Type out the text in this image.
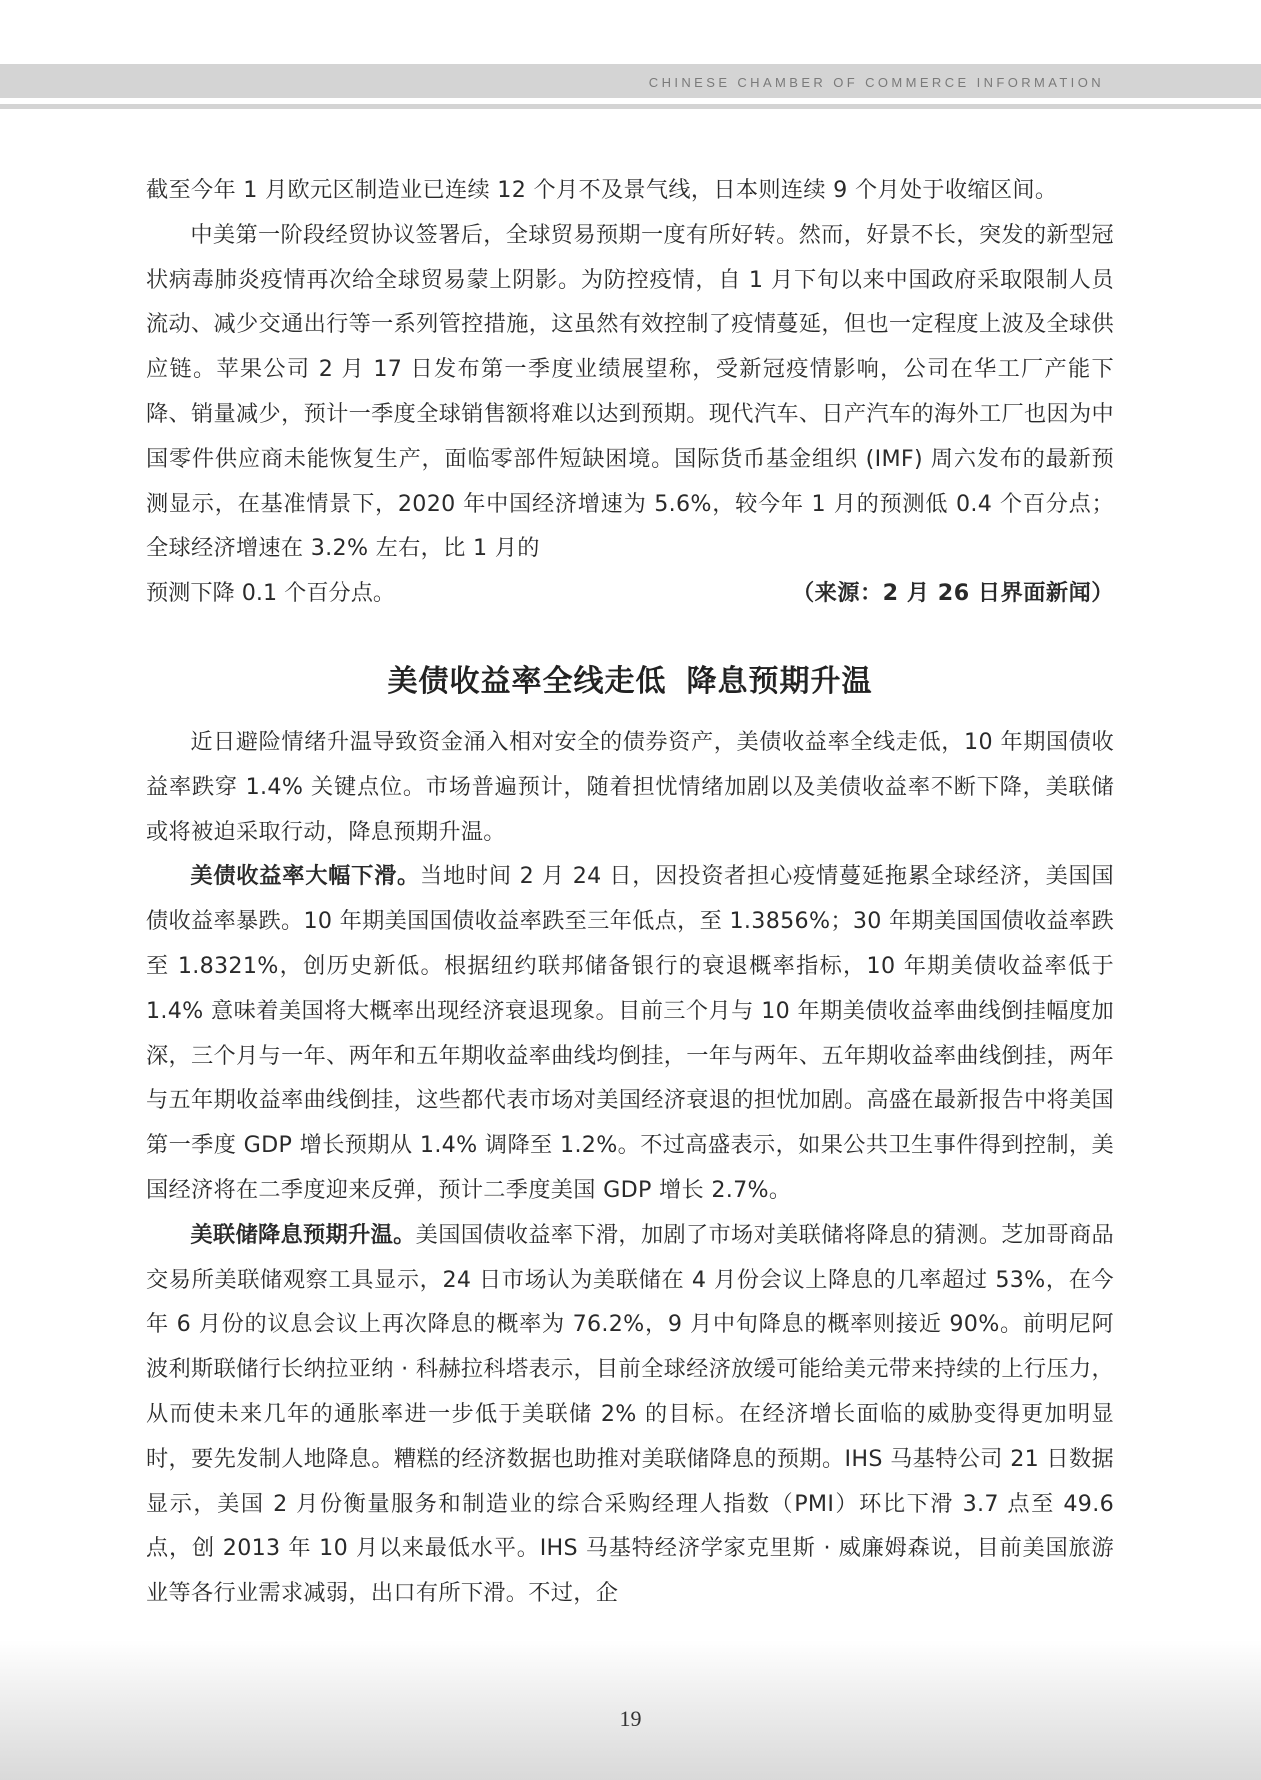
CHINESE CHAMBER OF COMMERCE INFORMATION

截至今年 1 月欧元区制造业已连续 12 个月不及景气线，日本则连续 9 个月处于收缩区间。

中美第一阶段经贸协议签署后，全球贸易预期一度有所好转。然而，好景不长，突发的新型冠状病毒肺炎疫情再次给全球贸易蒙上阴影。为防控疫情，自 1 月下旬以来中国政府采取限制人员流动、减少交通出行等一系列管控措施，这虽然有效控制了疫情蔓延，但也一定程度上波及全球供应链。苹果公司 2 月 17 日发布第一季度业绩展望称，受新冠疫情影响，公司在华工厂产能下降、销量减少，预计一季度全球销售额将难以达到预期。现代汽车、日产汽车的海外工厂也因为中国零件供应商未能恢复生产，面临零部件短缺困境。国际货币基金组织 (IMF) 周六发布的最新预测显示，在基准情景下，2020 年中国经济增速为 5.6%，较今年 1 月的预测低 0.4 个百分点；全球经济增速在 3.2% 左右，比 1 月的

预测下降 0.1 个百分点。	（来源：2 月 26 日界面新闻）
美债收益率全线走低 降息预期升温

近日避险情绪升温导致资金涌入相对安全的债券资产，美债收益率全线走低，10 年期国债收益率跌穿 1.4% 关键点位。市场普遍预计，随着担忧情绪加剧以及美债收益率不断下降，美联储或将被迫采取行动，降息预期升温。

美债收益率大幅下滑。当地时间 2 月 24 日，因投资者担心疫情蔓延拖累全球经济，美国国债收益率暴跌。10 年期美国国债收益率跌至三年低点，至 1.3856%；30 年期美国国债收益率跌至 1.8321%，创历史新低。根据纽约联邦储备银行的衰退概率指标，10 年期美债收益率低于 1.4% 意味着美国将大概率出现经济衰退现象。目前三个月与 10 年期美债收益率曲线倒挂幅度加深，三个月与一年、两年和五年期收益率曲线均倒挂，一年与两年、五年期收益率曲线倒挂，两年与五年期收益率曲线倒挂，这些都代表市场对美国经济衰退的担忧加剧。高盛在最新报告中将美国第一季度 GDP 增长预期从 1.4% 调降至 1.2%。不过高盛表示，如果公共卫生事件得到控制，美国经济将在二季度迎来反弹，预计二季度美国 GDP 增长 2.7%。

美联储降息预期升温。美国国债收益率下滑，加剧了市场对美联储将降息的猜测。芝加哥商品交易所美联储观察工具显示，24 日市场认为美联储在 4 月份会议上降息的几率超过 53%，在今年 6 月份的议息会议上再次降息的概率为 76.2%，9 月中旬降息的概率则接近 90%。前明尼阿波利斯联储行长纳拉亚纳 · 科赫拉科塔表示，目前全球经济放缓可能给美元带来持续的上行压力，从而使未来几年的通胀率进一步低于美联储 2% 的目标。在经济增长面临的威胁变得更加明显时，要先发制人地降息。糟糕的经济数据也助推对美联储降息的预期。IHS 马基特公司 21 日数据显示，美国 2 月份衡量服务和制造业的综合采购经理人指数（PMI）环比下滑 3.7 点至 49.6 点，创 2013 年 10 月以来最低水平。IHS 马基特经济学家克里斯 · 威廉姆森说，目前美国旅游业等各行业需求减弱，出口有所下滑。不过，企

19
